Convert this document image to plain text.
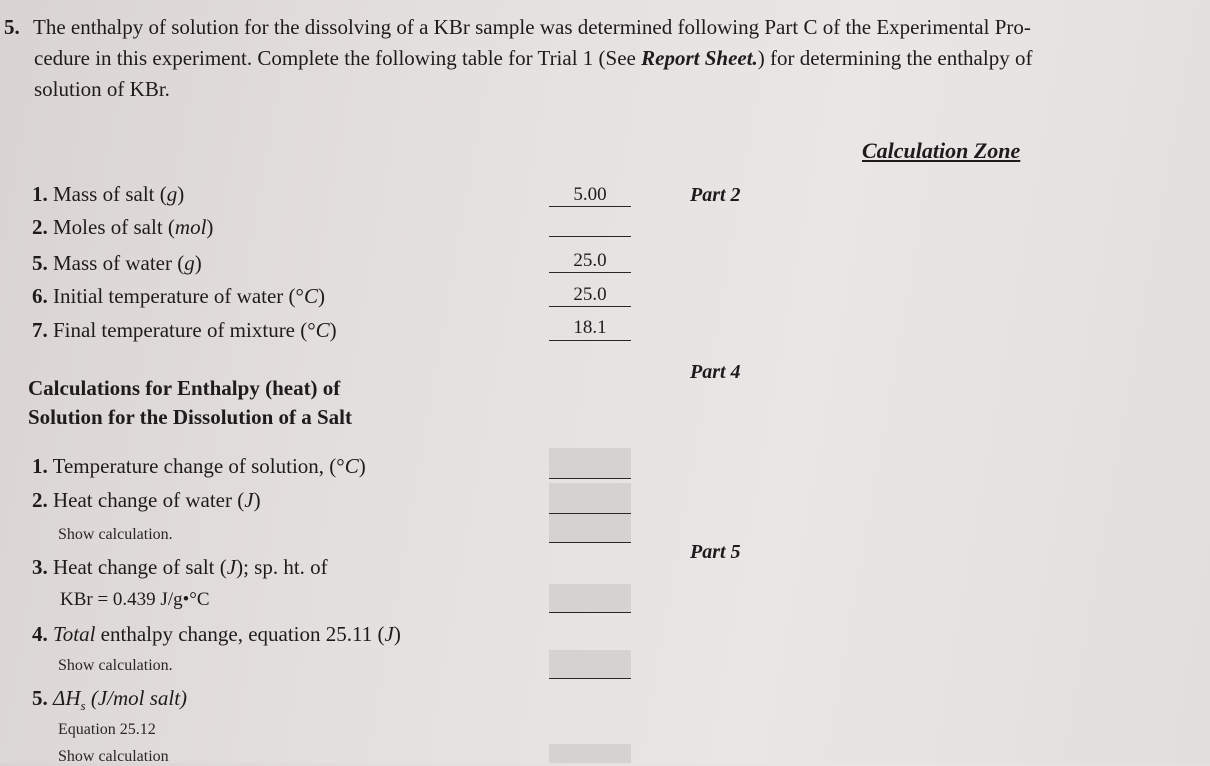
5. The enthalpy of solution for the dissolving of a KBr sample was determined following Part C of the Experimental Pro-
cedure in this experiment. Complete the following table for Trial 1 (See Report Sheet.) for determining the enthalpy of
solution of KBr.
Calculation Zone
1. Mass of salt (g)
2. Moles of salt (mol)
5. Mass of water (g)
6. Initial temperature of water (°C)
7. Final temperature of mixture (°C)
5.00
25.0
25.0
18.1
Part 2
Part 4
Part 5
Calculations for Enthalpy (heat) of
Solution for the Dissolution of a Salt
1. Temperature change of solution, (°C)
2. Heat change of water (J)
Show calculation.
3. Heat change of salt (J); sp. ht. of
KBr = 0.439 J/g•°C
4. Total enthalpy change, equation 25.11 (J)
Show calculation.
5. $\Delta H_s$ (J/mol salt)
Equation 25.12
Show calculation
